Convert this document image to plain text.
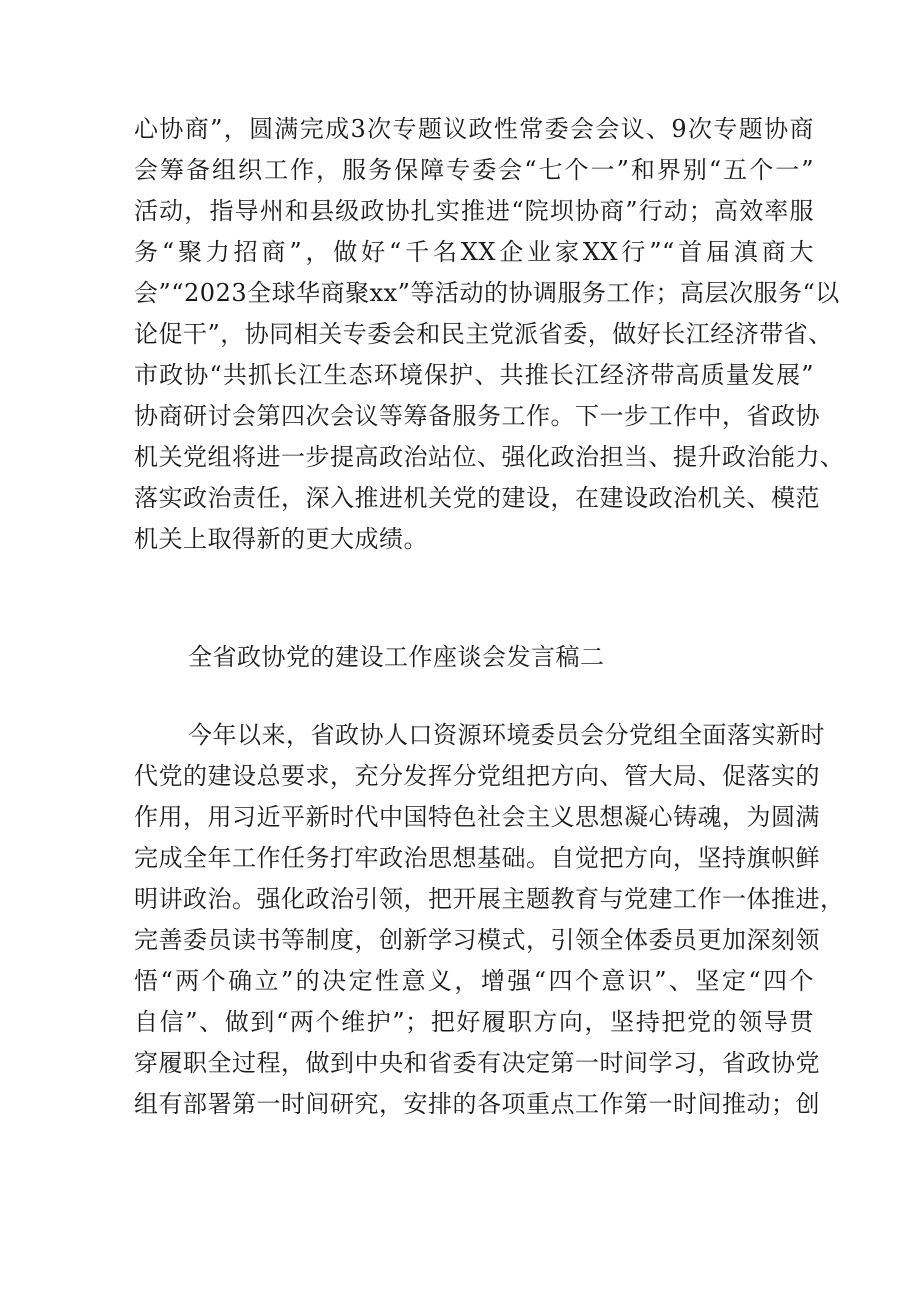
心协商”，圆满完成3次专题议政性常委会会议、9次专题协商
会筹备组织工作，服务保障专委会“七个一”和界别“五个一”
活动，指导州和县级政协扎实推进“院坝协商”行动；高效率服
务“聚力招商”，做好“千名XX企业家XX行”“首届滇商大
会”“2023全球华商聚xx”等活动的协调服务工作；高层次服务“以
论促干”，协同相关专委会和民主党派省委，做好长江经济带省、
市政协“共抓长江生态环境保护、共推长江经济带高质量发展”
协商研讨会第四次会议等筹备服务工作。下一步工作中，省政协
机关党组将进一步提高政治站位、强化政治担当、提升政治能力、
落实政治责任，深入推进机关党的建设，在建设政治机关、模范
机关上取得新的更大成绩。
全省政协党的建设工作座谈会发言稿二
今年以来，省政协人口资源环境委员会分党组全面落实新时
代党的建设总要求，充分发挥分党组把方向、管大局、促落实的
作用，用习近平新时代中国特色社会主义思想凝心铸魂，为圆满
完成全年工作任务打牢政治思想基础。自觉把方向，坚持旗帜鲜
明讲政治。强化政治引领，把开展主题教育与党建工作一体推进，
完善委员读书等制度，创新学习模式，引领全体委员更加深刻领
悟“两个确立”的决定性意义，增强“四个意识”、坚定“四个
自信”、做到“两个维护”；把好履职方向，坚持把党的领导贯
穿履职全过程，做到中央和省委有决定第一时间学习，省政协党
组有部署第一时间研究，安排的各项重点工作第一时间推动；创
